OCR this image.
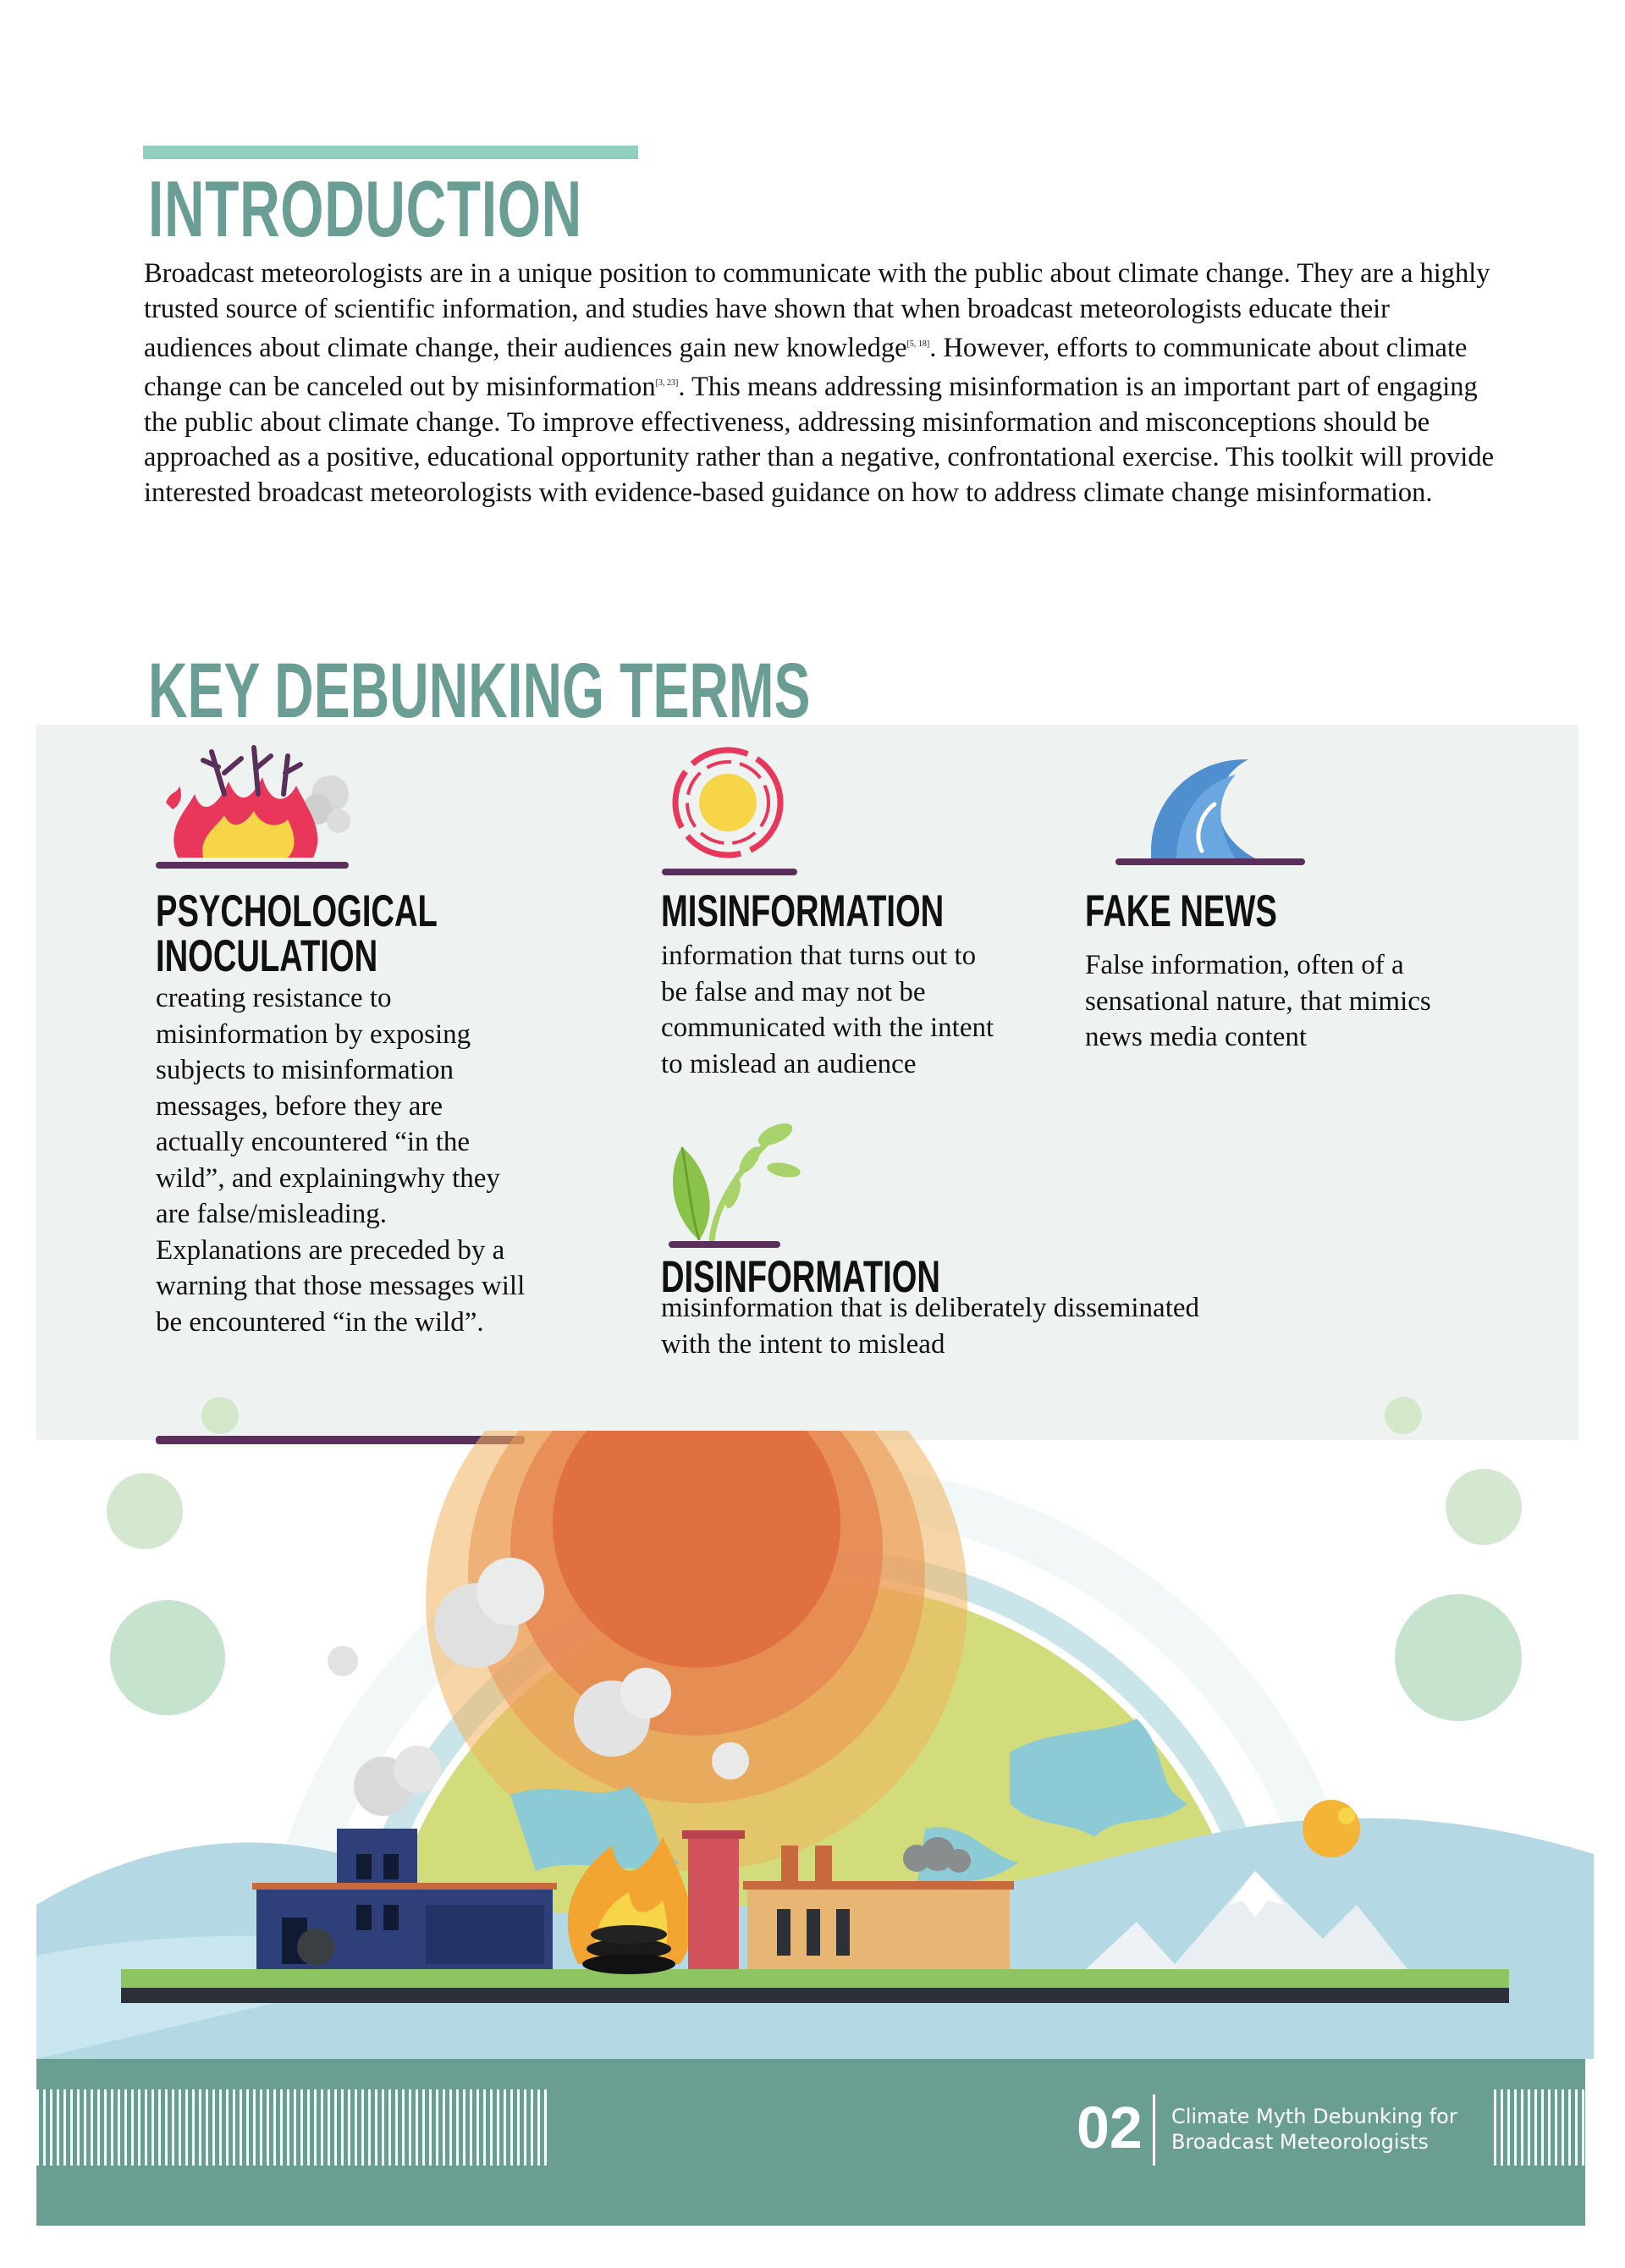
INTRODUCTION
Broadcast meteorologists are in a unique position to communicate with the public about climate change. They are a highly trusted source of scientific information, and studies have shown that when broadcast meteorologists educate their audiences about climate change, their audiences gain new knowledge[5, 18]. However, efforts to communicate about climate change can be canceled out by misinformation[3, 23]. This means addressing misinformation is an important part of engaging the public about climate change. To improve effectiveness, addressing misinformation and misconceptions should be approached as a positive, educational opportunity rather than a negative, confrontational exercise. This toolkit will provide interested broadcast meteorologists with evidence-based guidance on how to address climate change misinformation.
KEY DEBUNKING TERMS
PSYCHOLOGICAL
INOCULATION
creating resistance to misinformation by exposing subjects to misinformation messages, before they are actually encountered “in the wild”, and explainingwhy they are false/misleading. Explanations are preceded by a warning that those messages will be encountered “in the wild”.
MISINFORMATION
information that turns out to be false and may not be communicated with the intent to mislead an audience
FAKE NEWS
False information, often of a sensational nature, that mimics news media content
DISINFORMATION
misinformation that is deliberately disseminated with the intent to mislead
02 Climate Myth Debunking for
Broadcast Meteorologists
